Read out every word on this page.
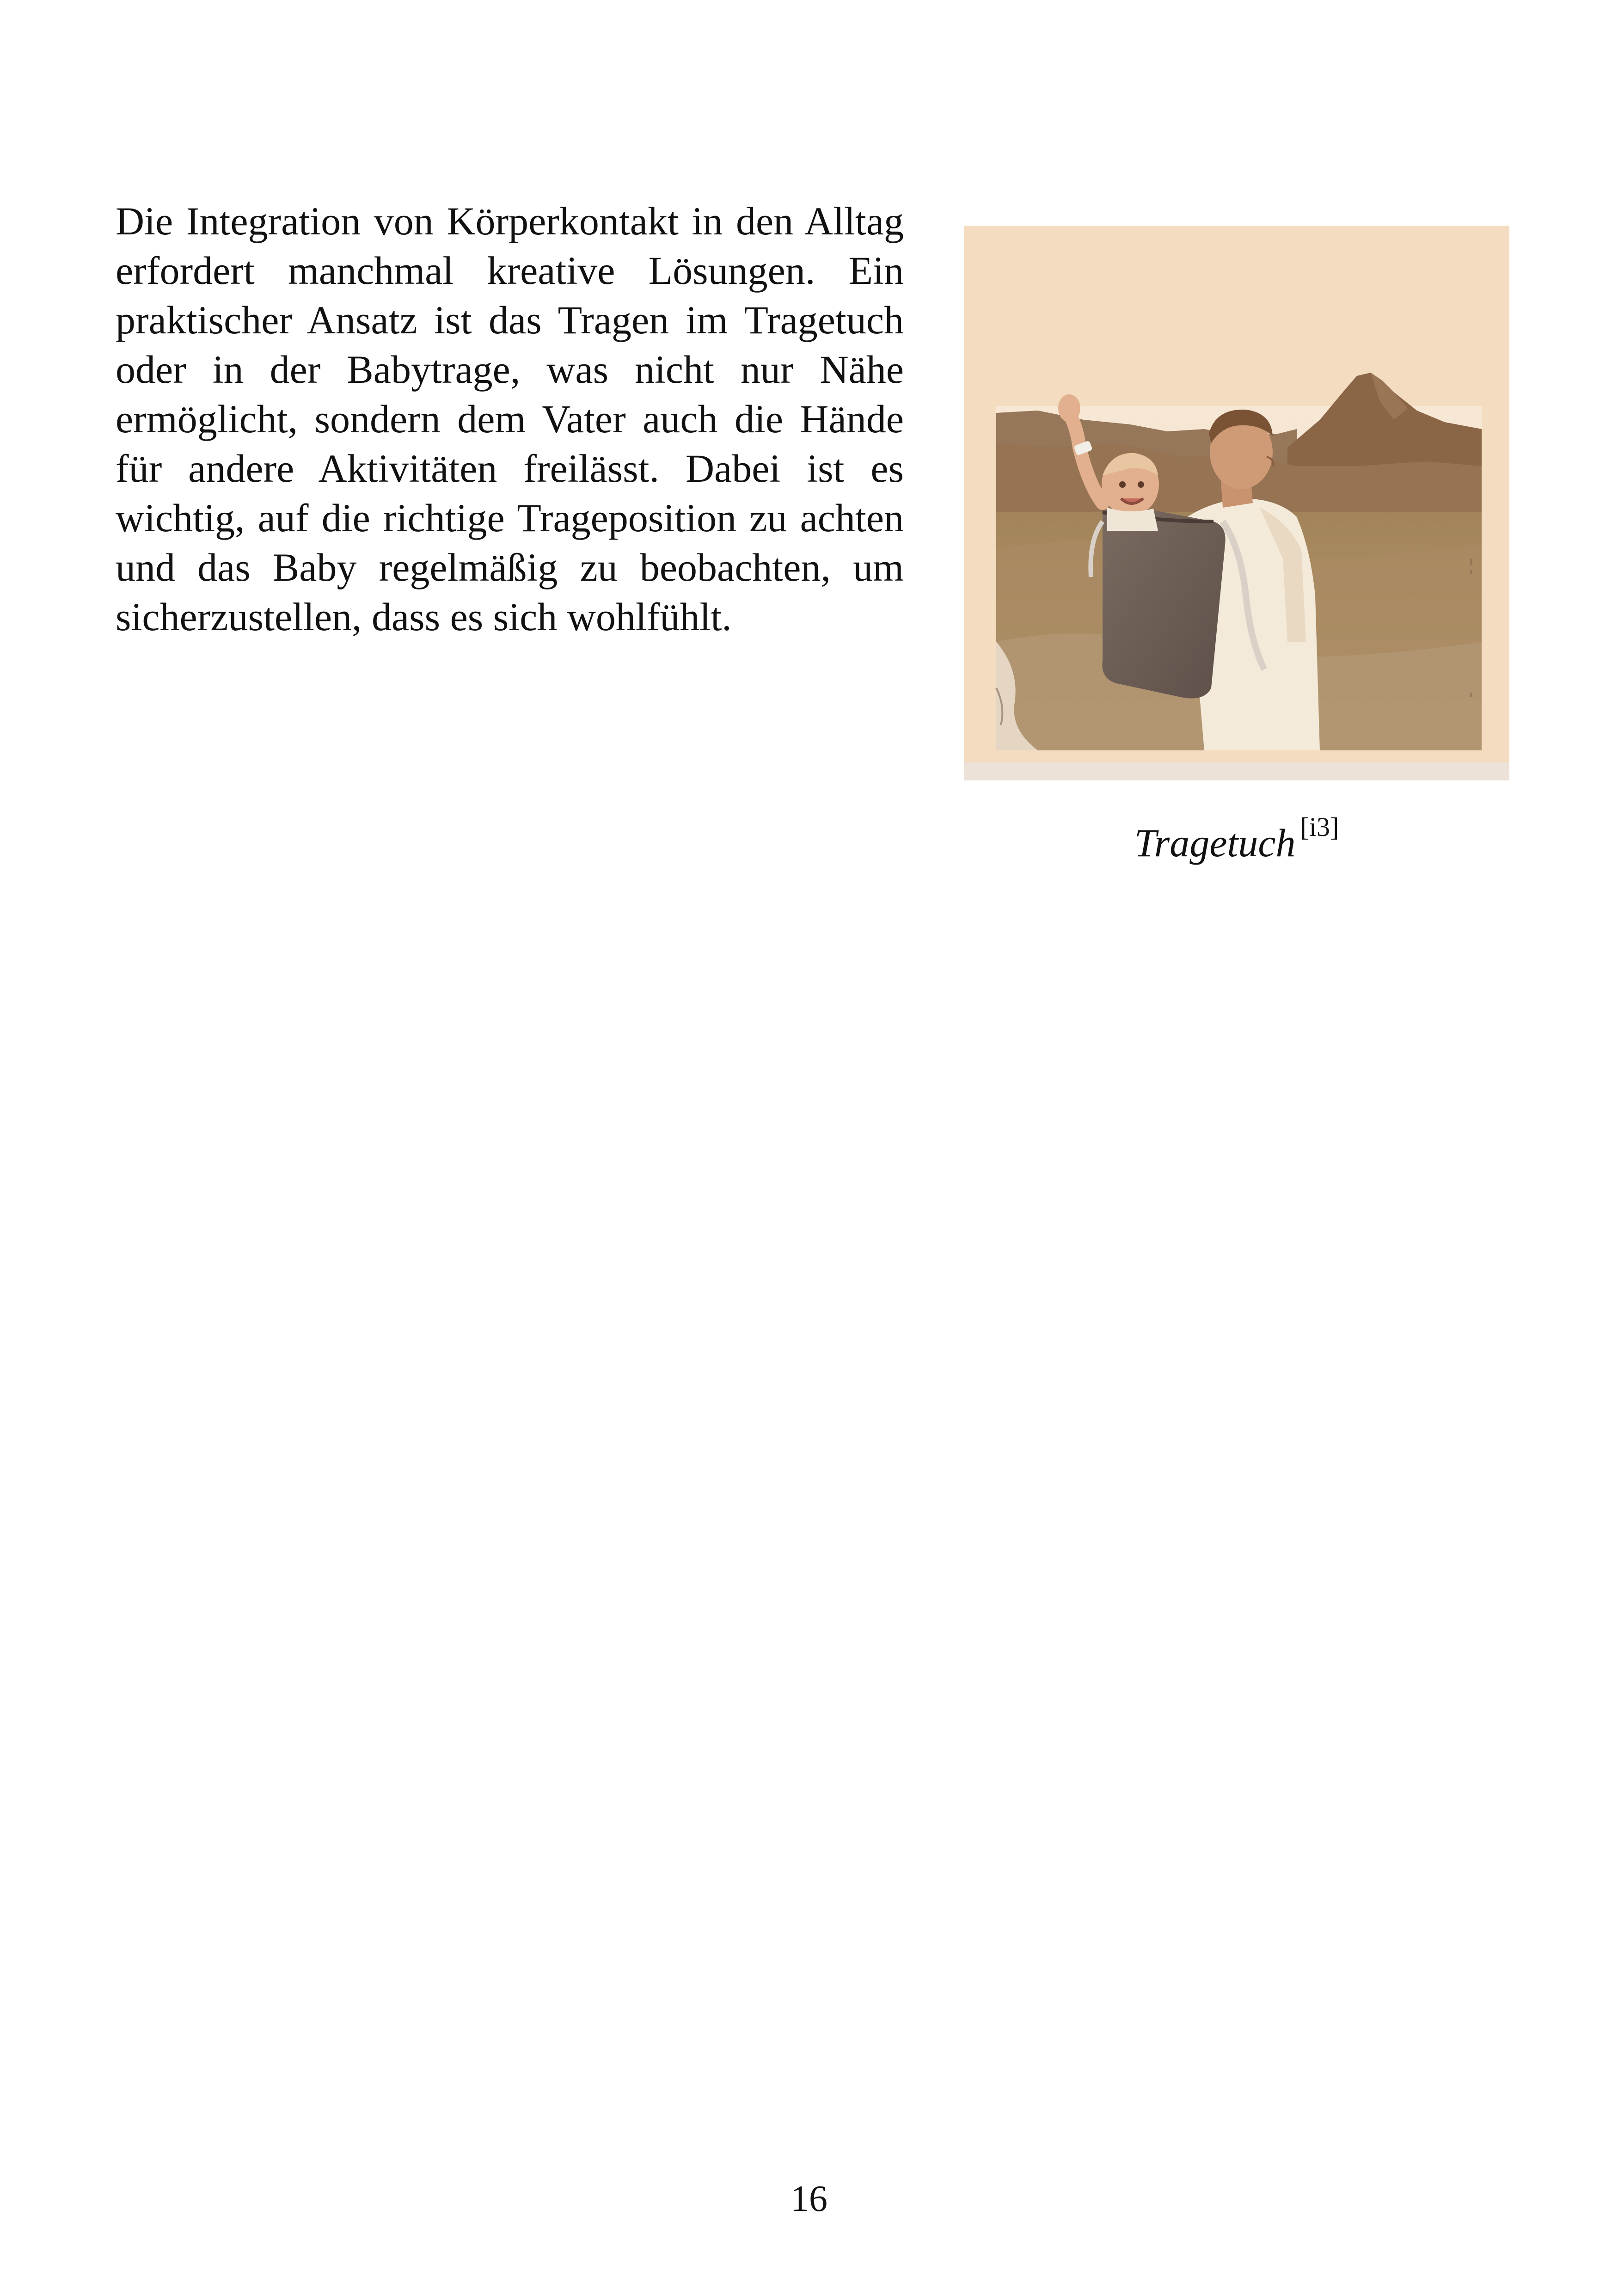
Die Integration von Körperkontakt in den Alltag erfordert manchmal kreative Lösungen. Ein praktischer Ansatz ist das Tragen im Tragetuch oder in der Babytrage, was nicht nur Nähe ermöglicht, sondern dem Vater auch die Hände für andere Aktivitäten freilässt. Dabei ist es wichtig, auf die richtige Trageposition zu achten und das Baby regelmäßig zu beobachten, um sicherzustellen, dass es sich wohlfühlt.

Tragetuch [i3]
16
